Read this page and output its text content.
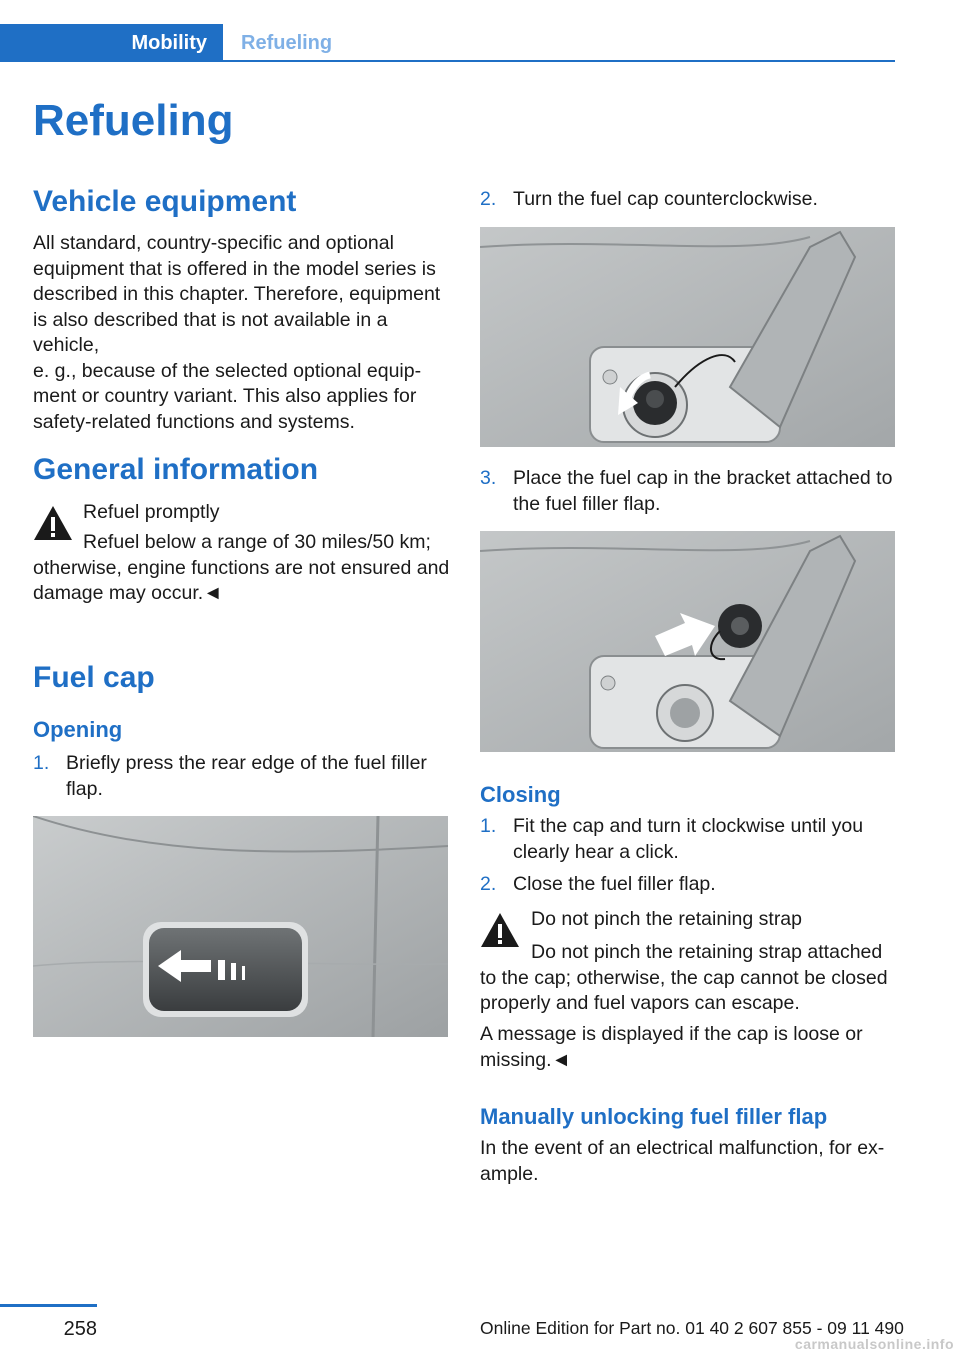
Mobility	Refueling
Refueling
Vehicle equipment
All standard, country-specific and optional
equipment that is offered in the model series is
described in this chapter. Therefore, equipment
is also described that is not available in a vehicle,
e. g., because of the selected optional equip-
ment or country variant. This also applies for
safety-related functions and systems.
General information
Refuel promptly
Refuel below a range of 30 miles/50 km;
otherwise, engine functions are not ensured and
damage may occur.◄
Fuel cap
Opening
1. Briefly press the rear edge of the fuel filler
flap.
2. Turn the fuel cap counterclockwise.
3. Place the fuel cap in the bracket attached to
the fuel filler flap.
Closing
1. Fit the cap and turn it clockwise until you
clearly hear a click.
2. Close the fuel filler flap.
Do not pinch the retaining strap
Do not pinch the retaining strap attached
to the cap; otherwise, the cap cannot be closed
properly and fuel vapors can escape.
A message is displayed if the cap is loose or
missing.◄
Manually unlocking fuel filler flap
In the event of an electrical malfunction, for ex-
ample.
258	Online Edition for Part no. 01 40 2 607 855 - 09 11 490
carmanualsonline.info
